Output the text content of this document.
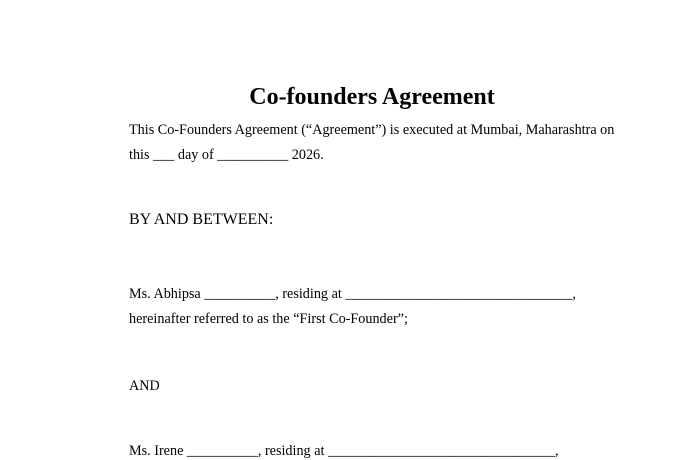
Co-founders Agreement
This Co-Founders Agreement (“Agreement”) is executed at Mumbai, Maharashtra on
this ___ day of __________ 2026.
BY AND BETWEEN:
Ms. Abhipsa __________, residing at ________________________________,
hereinafter referred to as the “First Co-Founder”;
AND
Ms. Irene __________, residing at ________________________________,
